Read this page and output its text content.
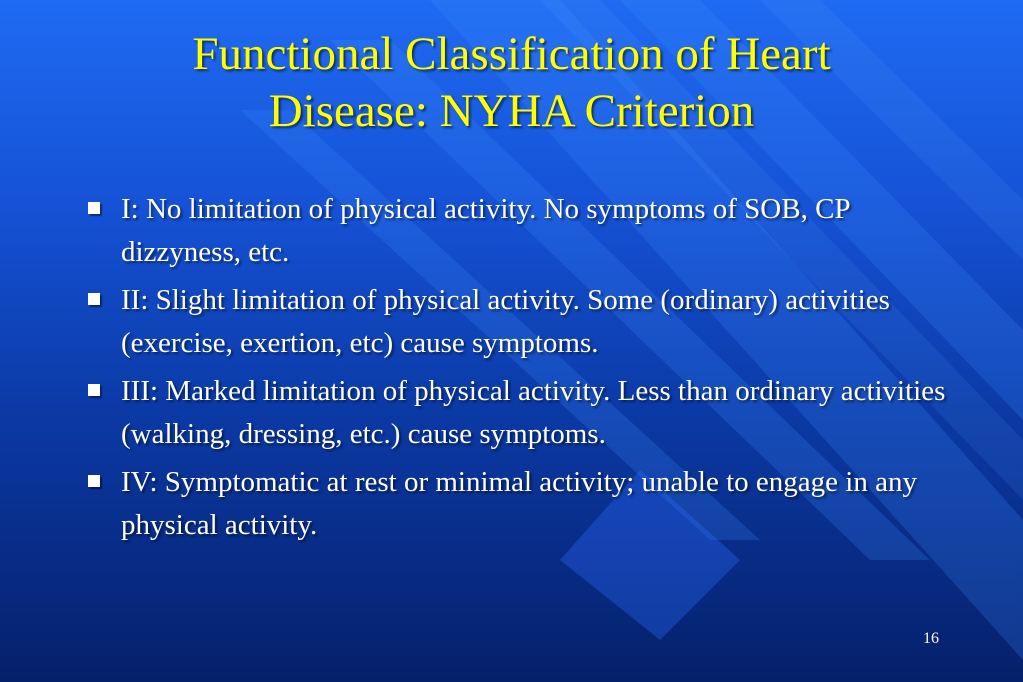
Functional Classification of Heart
Disease: NYHA Criterion
I: No limitation of physical activity. No symptoms of SOB, CP dizzyness, etc.
II: Slight limitation of physical activity. Some (ordinary) activities (exercise, exertion, etc) cause symptoms.
III: Marked limitation of physical activity. Less than ordinary activities (walking, dressing, etc.) cause symptoms.
IV: Symptomatic at rest or minimal activity; unable to engage in any physical activity.
16
